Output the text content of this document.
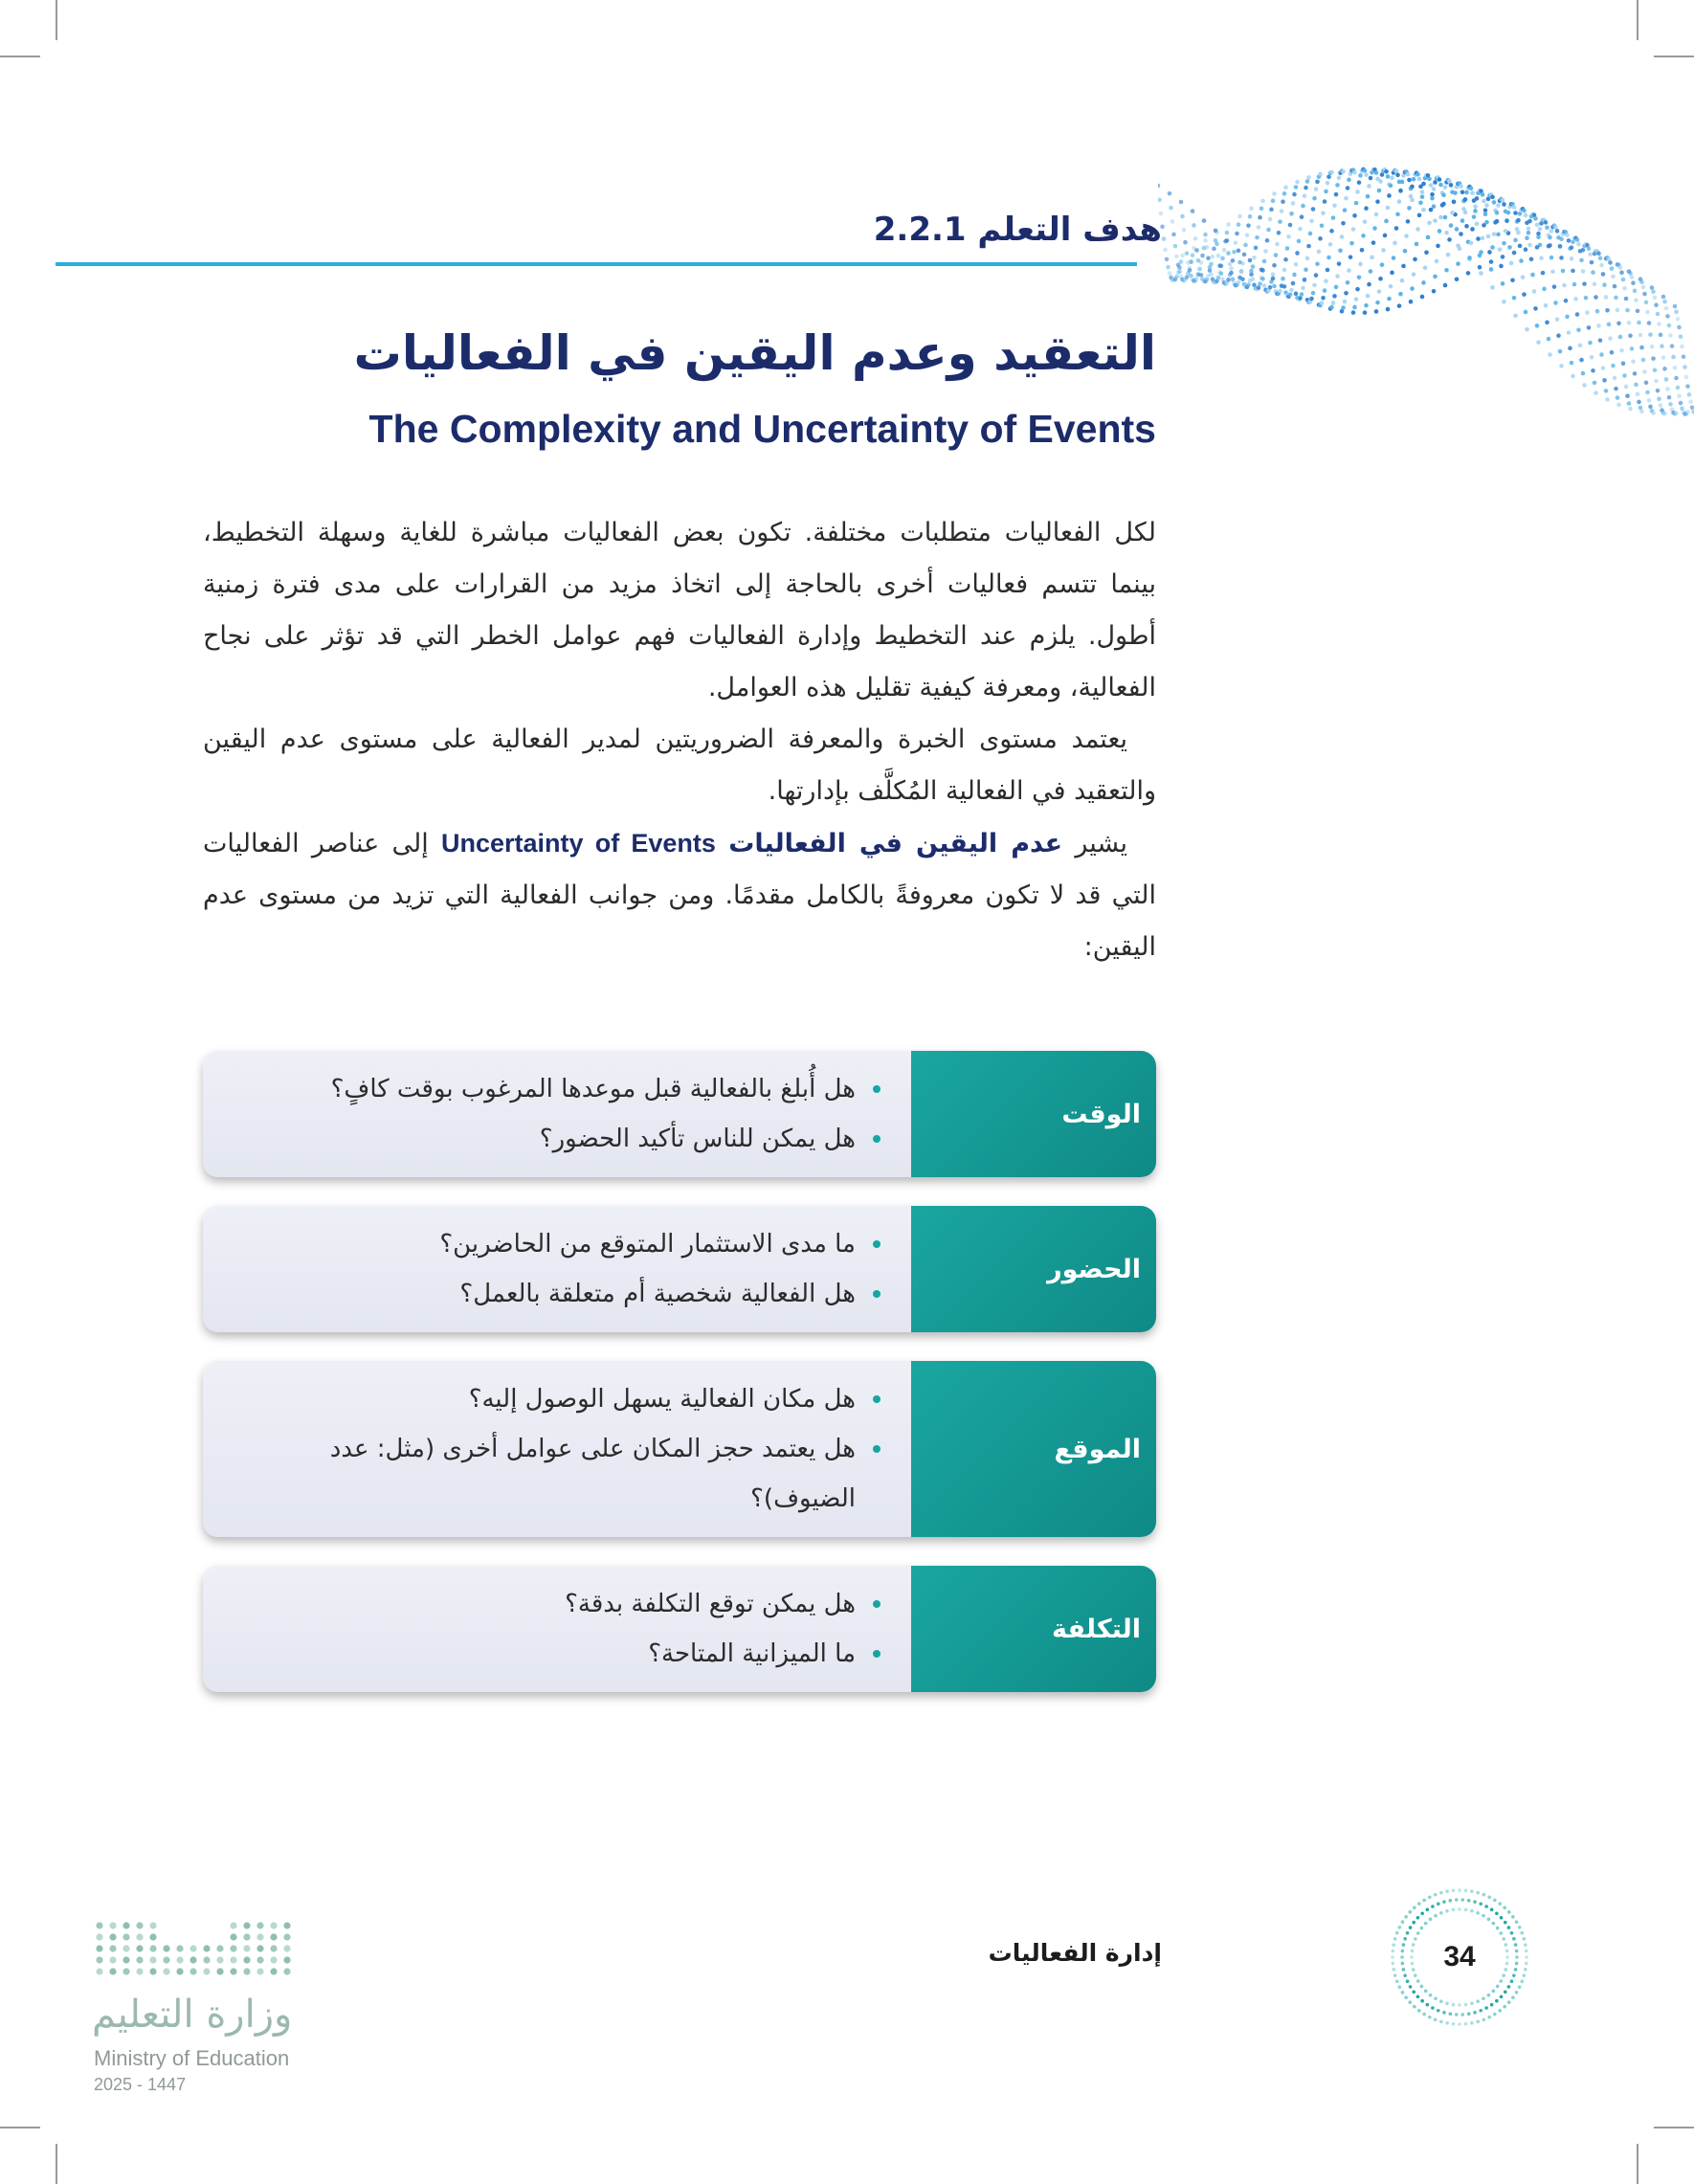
هدف التعلم 2.2.1
التعقيد وعدم اليقين في الفعاليات
The Complexity and Uncertainty of Events

لكل الفعاليات متطلبات مختلفة. تكون بعض الفعاليات مباشرة للغاية وسهلة التخطيط، بينما تتسم فعاليات أخرى بالحاجة إلى اتخاذ مزيد من القرارات على مدى فترة زمنية أطول. يلزم عند التخطيط وإدارة الفعاليات فهم عوامل الخطر التي قد تؤثر على نجاح الفعالية، ومعرفة كيفية تقليل هذه العوامل.

يعتمد مستوى الخبرة والمعرفة الضروريتين لمدير الفعالية على مستوى عدم اليقين والتعقيد في الفعالية المُكلَّف بإدارتها.

يشير عدم اليقين في الفعاليات Uncertainty of Events إلى عناصر الفعاليات التي قد لا تكون معروفةً بالكامل مقدمًا. ومن جوانب الفعالية التي تزيد من مستوى عدم اليقين:

الوقت
هل أُبلغ بالفعالية قبل موعدها المرغوب بوقت كافٍ؟
هل يمكن للناس تأكيد الحضور؟
الحضور
ما مدى الاستثمار المتوقع من الحاضرين؟
هل الفعالية شخصية أم متعلقة بالعمل؟
الموقع
هل مكان الفعالية يسهل الوصول إليه؟
هل يعتمد حجز المكان على عوامل أخرى (مثل: عدد الضيوف)؟
التكلفة
هل يمكن توقع التكلفة بدقة؟
ما الميزانية المتاحة؟
إدارة الفعاليات	34
وزارة التعليم
Ministry of Education
2025 - 1447
